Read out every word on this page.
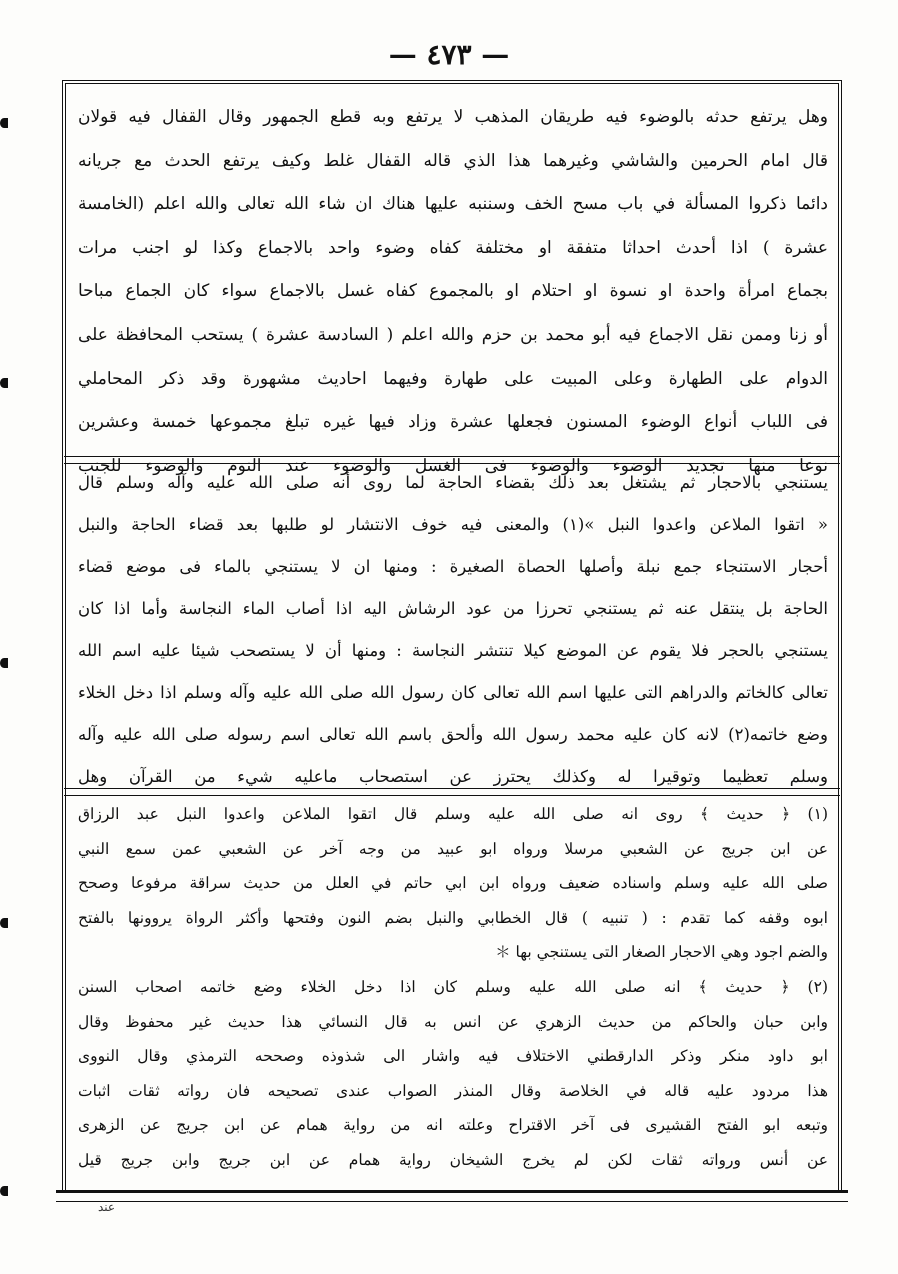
— ٤٧٣ —
وهل يرتفع حدثه بالوضوء فيه طريقان المذهب لا يرتفع وبه قطع الجمهور وقال القفال فيه قولان
قال امام الحرمين والشاشي وغيرهما هذا الذي قاله القفال غلط وكيف يرتفع الحدث مع جريانه
دائما ذكروا المسألة في باب مسح الخف وسننبه عليها هناك ان شاء الله تعالى والله اعلم (الخامسة
عشرة ) اذا أحدث احداثا متفقة او مختلفة كفاه وضوء واحد بالاجماع وكذا لو اجنب مرات
بجماع امرأة واحدة او نسوة او احتلام او بالمجموع كفاه غسل بالاجماع سواء كان الجماع مباحا
أو زنا وممن نقل الاجماع فيه أبو محمد بن حزم والله اعلم ( السادسة عشرة ) يستحب المحافظة على
الدوام على الطهارة وعلى المبيت على طهارة وفيهما احاديث مشهورة وقد ذكر المحاملي
فى اللباب أنواع الوضوء المسنون فجعلها عشرة وزاد فيها غيره تبلغ مجموعها خمسة وعشرين
نوعا منها تجديد الوضوء والوضوء فى الغسل والوضوء عند النوم والوضوء للجنب
يستنجي بالاحجار ثم يشتغل بعد ذلك بقضاء الحاجة لما روى أنه صلى الله عليه وآله وسلم قال
« اتقوا الملاعن واعدوا النبل »(١) والمعنى فيه خوف الانتشار لو طلبها بعد قضاء الحاجة والنبل
أحجار الاستنجاء جمع نبلة وأصلها الحصاة الصغيرة : ومنها ان لا يستنجي بالماء فى موضع قضاء
الحاجة بل ينتقل عنه ثم يستنجي تحرزا من عود الرشاش اليه اذا أصاب الماء النجاسة وأما اذا كان
يستنجي بالحجر فلا يقوم عن الموضع كيلا تنتشر النجاسة : ومنها أن لا يستصحب شيئا عليه اسم الله
تعالى كالخاتم والدراهم التى عليها اسم الله تعالى كان رسول الله صلى الله عليه وآله وسلم اذا دخل الخلاء
وضع خاتمه(٢) لانه كان عليه محمد رسول الله وألحق باسم الله تعالى اسم رسوله صلى الله عليه وآله
وسلم تعظيما وتوقيرا له وكذلك يحترز عن استصحاب ماعليه شيء من القرآن وهل
(١) ﴿ حديث ﴾ روى انه صلى الله عليه وسلم قال اتقوا الملاعن واعدوا النبل عبد الرزاق
عن ابن جريج عن الشعبي مرسلا ورواه ابو عبيد من وجه آخر عن الشعبي عمن سمع النبي
صلى الله عليه وسلم واسناده ضعيف ورواه ابن ابي حاتم في العلل من حديث سراقة مرفوعا وصحح
ابوه وقفه كما تقدم : ( تنبيه ) قال الخطابي والنبل بضم النون وفتحها وأكثر الرواة يروونها بالفتح
والضم اجود وهي الاحجار الصغار التى يستنجي بها ＊
(٢) ﴿ حديث ﴾ انه صلى الله عليه وسلم كان اذا دخل الخلاء وضع خاتمه اصحاب السنن
وابن حبان والحاكم من حديث الزهري عن انس به قال النسائي هذا حديث غير محفوظ وقال
ابو داود منكر وذكر الدارقطني الاختلاف فيه واشار الى شذوذه وصححه الترمذي وقال النووى
هذا مردود عليه قاله في الخلاصة وقال المنذر الصواب عندى تصحيحه فان رواته ثقات اثبات
وتبعه ابو الفتح القشيرى فى آخر الاقتراح وعلته انه من رواية همام عن ابن جريج عن الزهرى
عن أنس ورواته ثقات لكن لم يخرج الشيخان رواية همام عن ابن جريج وابن جريج قيل
عند
